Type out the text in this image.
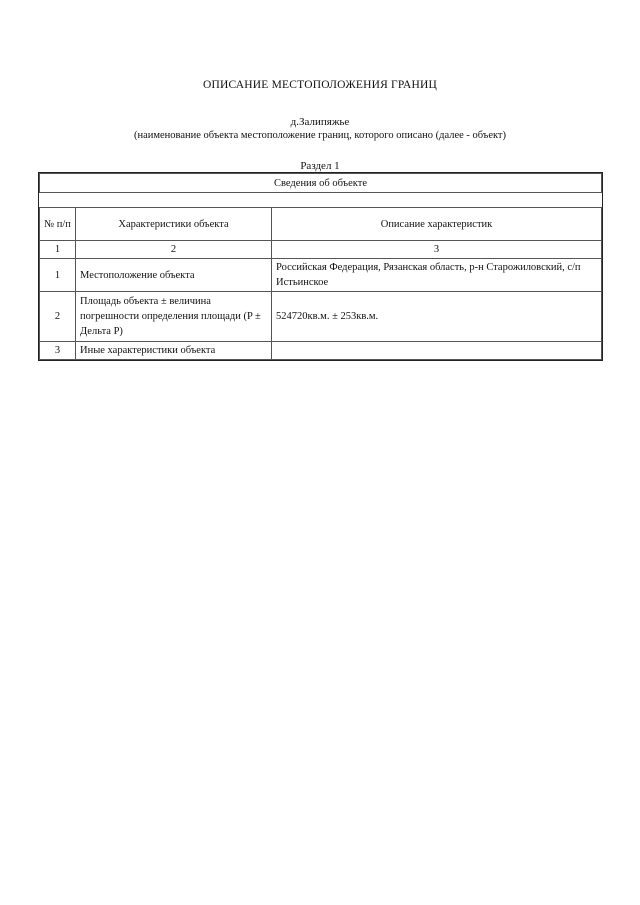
ОПИСАНИЕ МЕСТОПОЛОЖЕНИЯ ГРАНИЦ
д.Залипяжье
(наименование объекта местоположение границ, которого описано (далее - объект)
Раздел 1
Сведения об объекте		

№ п/п	Характеристики объекта	Описание характеристик
1	2	3
1	Местоположение объекта	Российская Федерация, Рязанская область, р-н Старожиловский, с/п Истьинское
2	Площадь объекта ± величина погрешности определения площади (P ± Дельта P)	524720кв.м. ± 253кв.м.
3	Иные характеристики объекта	
